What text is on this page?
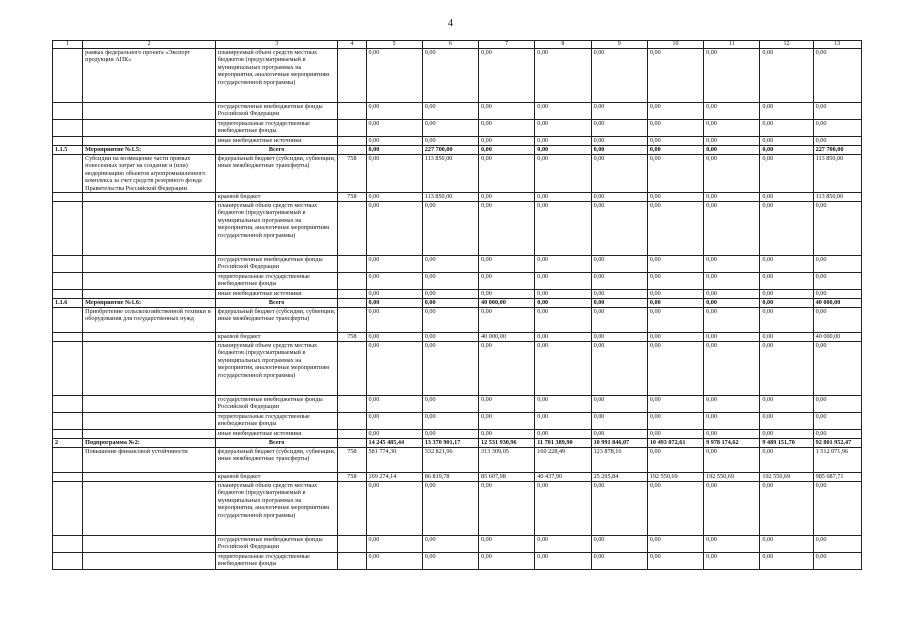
4
1	2	3	4	5	6	7	8	9	10	11	12	13
	рамках федерального проекта «Экспорт продукции АПК»	планируемый объем средств местных бюджетов (предусматриваемый в муниципальных программах на мероприятия, аналогичные мероприятиям государственной программы)		0,00	0,00	0,00	0,00	0,00	0,00	0,00	0,00	0,00
		государственные внебюджетные фонды Российской Федерации		0,00	0,00	0,00	0,00	0,00	0,00	0,00	0,00	0,00
		территориальные государственные внебюджетные фонды		0,00	0,00	0,00	0,00	0,00	0,00	0,00	0,00	0,00
		иные внебюджетные источники		0,00	0,00	0,00	0,00	0,00	0,00	0,00	0,00	0,00
1.1.5	Мероприятие №1.5:	Всего		0,00	227 700,00	0,00	0,00	0,00	0,00	0,00	0,00	227 700,00
	Субсидии на возмещение части прямых понесенных затрат на создание и (или) модернизацию объектов агропромышленного комплекса за счет средств резервного фонда Правительства Российской Федерации	федеральный бюджет (субсидии, субвенции, иные межбюджетные трансферты)	758	0,00	113 850,00	0,00	0,00	0,00	0,00	0,00	0,00	113 850,00
		краевой бюджет	758	0,00	113 850,00	0,00	0,00	0,00	0,00	0,00	0,00	113 850,00
		планируемый объем средств местных бюджетов (предусматриваемый в муниципальных программах на мероприятия, аналогичные мероприятиям государственной программы)		0,00	0,00	0,00	0,00	0,00	0,00	0,00	0,00	0,00
		государственные внебюджетные фонды Российской Федерации		0,00	0,00	0,00	0,00	0,00	0,00	0,00	0,00	0,00
		территориальные государственные внебюджетные фонды		0,00	0,00	0,00	0,00	0,00	0,00	0,00	0,00	0,00
		иные внебюджетные источники		0,00	0,00	0,00	0,00	0,00	0,00	0,00	0,00	0,00
1.1.6	Мероприятие №1.6:	Всего		0,00	0,00	40 000,00	0,00	0,00	0,00	0,00	0,00	40 000,00
	Приобретение сельскохозяйственной техники и оборудования для государственных нужд	федеральный бюджет (субсидии, субвенции, иные межбюджетные трансферты)		0,00	0,00	0,00	0,00	0,00	0,00	0,00	0,00	0,00
		краевой бюджет	758	0,00	0,00	40 000,00	0,00	0,00	0,00	0,00	0,00	40 000,00
		планируемый объем средств местных бюджетов (предусматриваемый в муниципальных программах на мероприятия, аналогичные мероприятиям государственной программы)		0,00	0,00	0,00	0,00	0,00	0,00	0,00	0,00	0,00
		государственные внебюджетные фонды Российской Федерации		0,00	0,00	0,00	0,00	0,00	0,00	0,00	0,00	0,00
		территориальные государственные внебюджетные фонды		0,00	0,00	0,00	0,00	0,00	0,00	0,00	0,00	0,00
		иные внебюджетные источники		0,00	0,00	0,00	0,00	0,00	0,00	0,00	0,00	0,00
2	Подпрограмма №2:	Всего		14 245 485,44	13 370 901,17	12 531 930,96	11 701 389,90	10 991 846,07	10 493 072,61	9 978 174,62	9 489 151,70	92 801 952,47
	Повышение финансовой устойчивости	федеральный бюджет (субсидии, субвенции, иные межбюджетные трансферты)	758	581 774,30	332 821,96	313 309,05	160 228,49	123 878,16	0,00	0,00	0,00	1 512 071,96
		краевой бюджет	758	169 274,14	86 819,78	85 607,98	40 437,90	25 295,84	192 550,69	192 550,69	192 550,69	985 087,71
		планируемый объем средств местных бюджетов (предусматриваемый в муниципальных программах на мероприятия, аналогичные мероприятиям государственной программы)		0,00	0,00	0,00	0,00	0,00	0,00	0,00	0,00	0,00
		государственные внебюджетные фонды Российской Федерации		0,00	0,00	0,00	0,00	0,00	0,00	0,00	0,00	0,00
		территориальные государственные внебюджетные фонды		0,00	0,00	0,00	0,00	0,00	0,00	0,00	0,00	0,00
